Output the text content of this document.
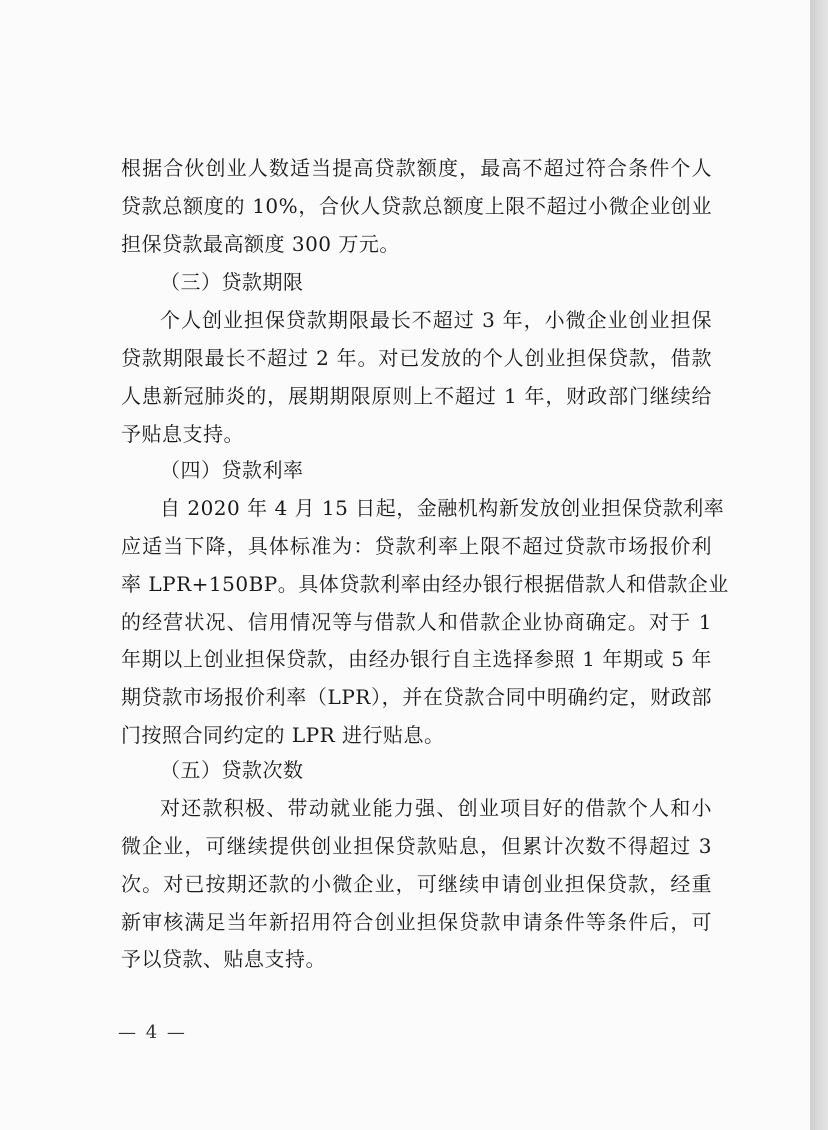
根据合伙创业人数适当提高贷款额度，最高不超过符合条件个人
贷款总额度的 10%，合伙人贷款总额度上限不超过小微企业创业
担保贷款最高额度 300 万元。
（三）贷款期限
个人创业担保贷款期限最长不超过 3 年，小微企业创业担保
贷款期限最长不超过 2 年。对已发放的个人创业担保贷款，借款
人患新冠肺炎的，展期期限原则上不超过 1 年，财政部门继续给
予贴息支持。
（四）贷款利率
自 2020 年 4 月 15 日起，金融机构新发放创业担保贷款利率
应适当下降，具体标准为：贷款利率上限不超过贷款市场报价利
率 LPR+150BP。具体贷款利率由经办银行根据借款人和借款企业
的经营状况、信用情况等与借款人和借款企业协商确定。对于 1
年期以上创业担保贷款，由经办银行自主选择参照 1 年期或 5 年
期贷款市场报价利率（LPR），并在贷款合同中明确约定，财政部
门按照合同约定的 LPR 进行贴息。
（五）贷款次数
对还款积极、带动就业能力强、创业项目好的借款个人和小
微企业，可继续提供创业担保贷款贴息，但累计次数不得超过 3
次。对已按期还款的小微企业，可继续申请创业担保贷款，经重
新审核满足当年新招用符合创业担保贷款申请条件等条件后，可
予以贷款、贴息支持。
— 4 —
